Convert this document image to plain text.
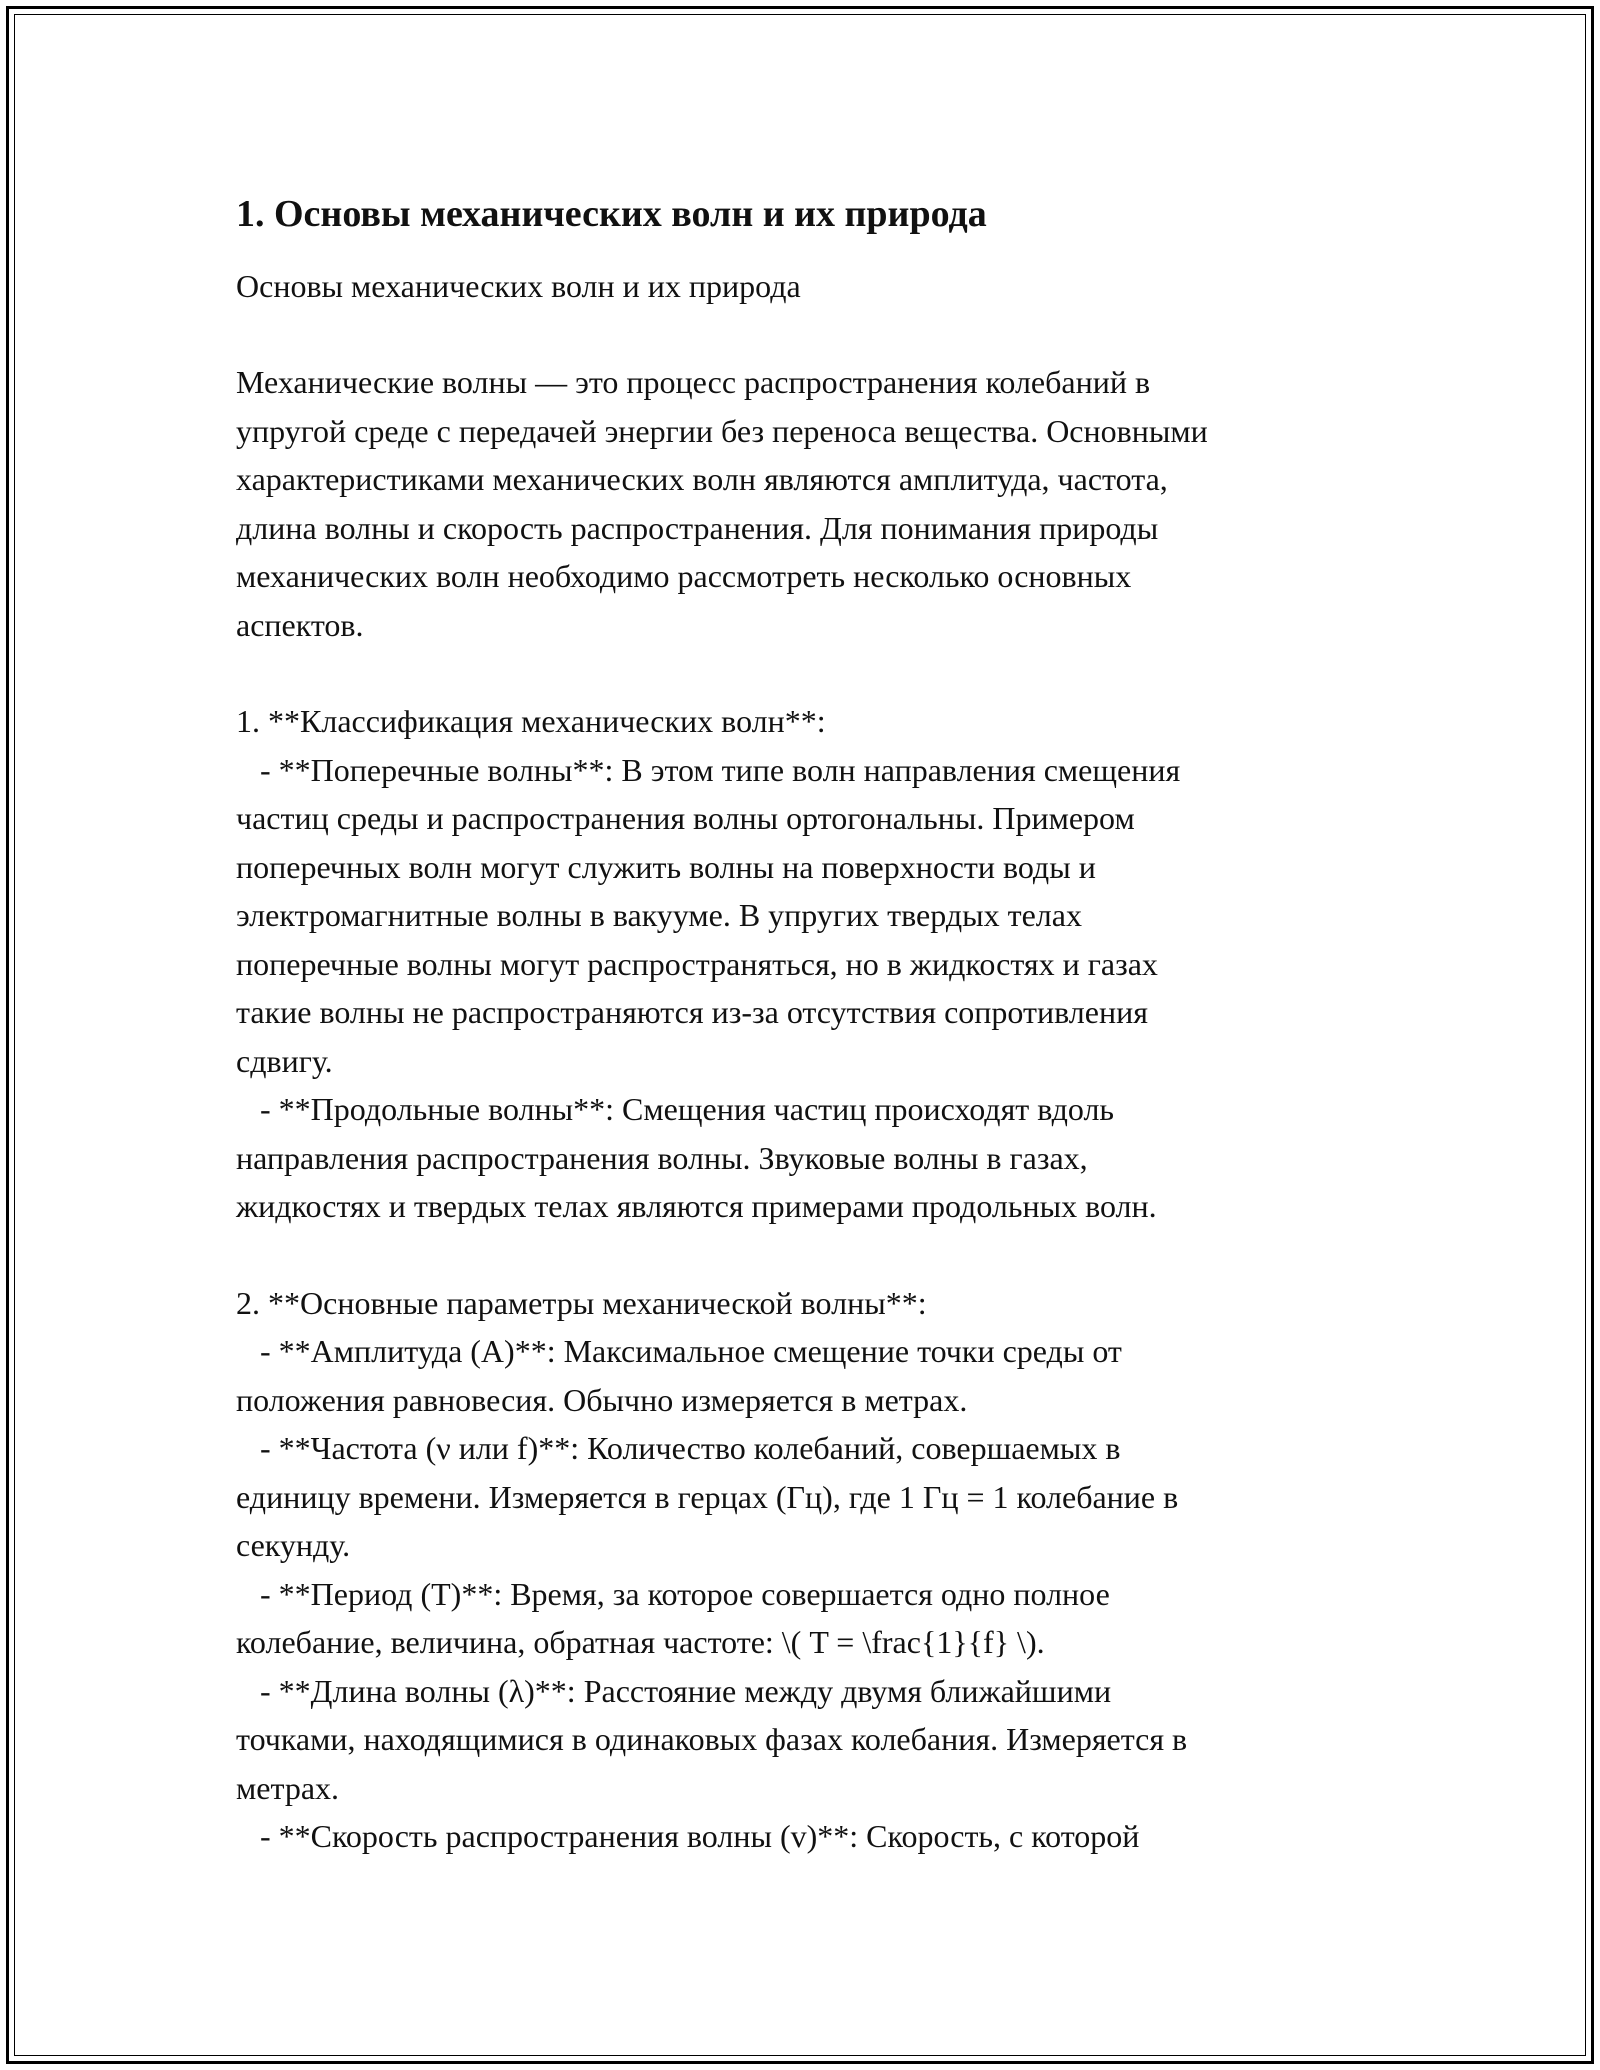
1. Основы механических волн и их природа
Основы механических волн и их природа
Механические волны — это процесс распространения колебаний в
упругой среде с передачей энергии без переноса вещества. Основными
характеристиками механических волн являются амплитуда, частота,
длина волны и скорость распространения. Для понимания природы
механических волн необходимо рассмотреть несколько основных
аспектов.
1. **Классификация механических волн**:
- **Поперечные волны**: В этом типе волн направления смещения
частиц среды и распространения волны ортогональны. Примером
поперечных волн могут служить волны на поверхности воды и
электромагнитные волны в вакууме. В упругих твердых телах
поперечные волны могут распространяться, но в жидкостях и газах
такие волны не распространяются из-за отсутствия сопротивления
сдвигу.
- **Продольные волны**: Смещения частиц происходят вдоль
направления распространения волны. Звуковые волны в газах,
жидкостях и твердых телах являются примерами продольных волн.
2. **Основные параметры механической волны**:
- **Амплитуда (A)**: Максимальное смещение точки среды от
положения равновесия. Обычно измеряется в метрах.
- **Частота (ν или f)**: Количество колебаний, совершаемых в
единицу времени. Измеряется в герцах (Гц), где 1 Гц = 1 колебание в
секунду.
- **Период (T)**: Время, за которое совершается одно полное
колебание, величина, обратная частоте: \( T = \frac{1}{f} \).
- **Длина волны (λ)**: Расстояние между двумя ближайшими
точками, находящимися в одинаковых фазах колебания. Измеряется в
метрах.
- **Скорость распространения волны (v)**: Скорость, с которой
